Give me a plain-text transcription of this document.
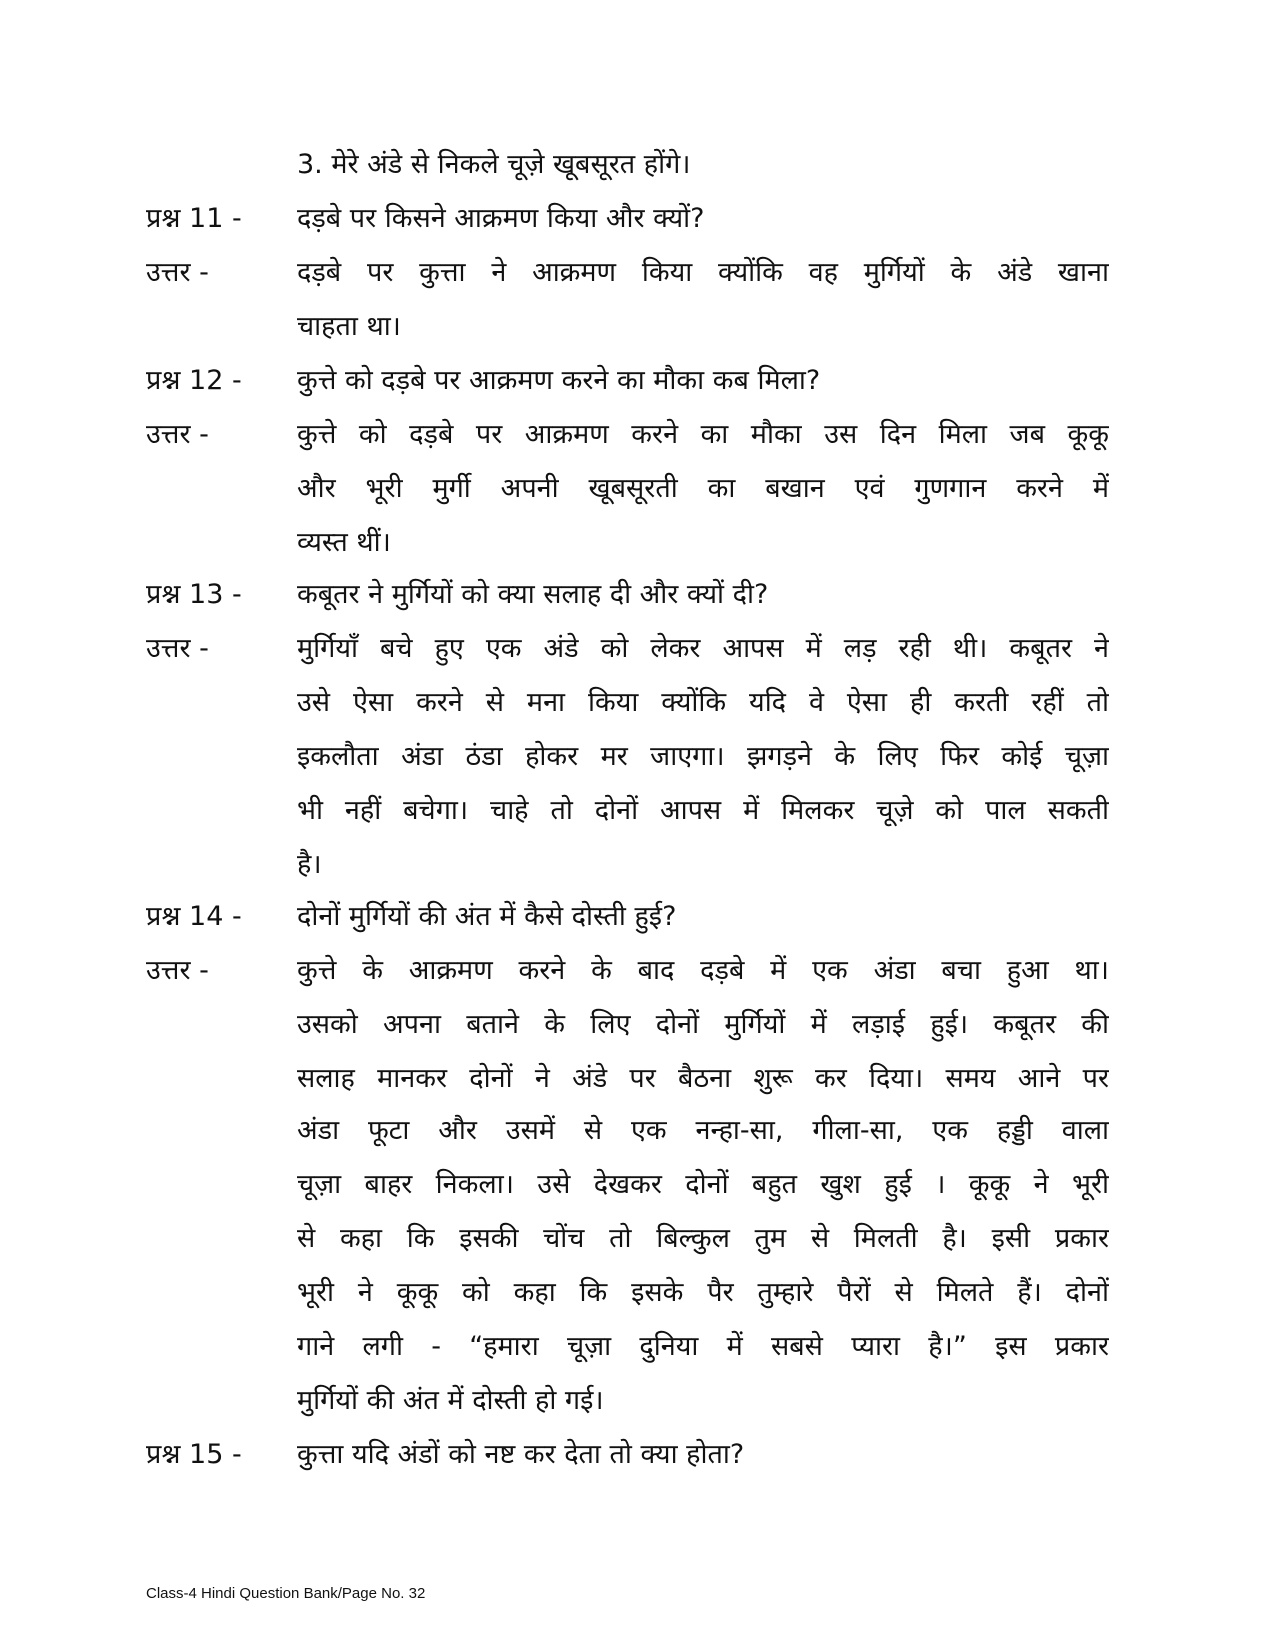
Class-4 Hindi Question Bank/Page No. 32
3. मेरे अंडे से निकले चूज़े खूबसूरत होंगे।
प्रश्न 11 - दड़बे पर किसने आक्रमण किया और क्यों?
उत्तर -	दड़बे पर कुत्ता ने आक्रमण किया क्योंकि वह मुर्गियों के अंडे खाना
चाहता था।
प्रश्न 12 - कुत्ते को दड़बे पर आक्रमण करने का मौका कब मिला?
उत्तर -	कुत्ते को दड़बे पर आक्रमण करने का मौका उस दिन मिला जब कूकू
और भूरी मुर्गी अपनी खूबसूरती का बखान एवं गुणगान करने में
व्यस्त थीं।
प्रश्न 13 - कबूतर ने मुर्गियों को क्या सलाह दी और क्यों दी?
उत्तर -	मुर्गियाँ बचे हुए एक अंडे को लेकर आपस में लड़ रही थी। कबूतर ने
उसे ऐसा करने से मना किया क्योंकि यदि वे ऐसा ही करती रहीं तो
इकलौता अंडा ठंडा होकर मर जाएगा। झगड़ने के लिए फिर कोई चूज़ा
भी नहीं बचेगा। चाहे तो दोनों आपस में मिलकर चूज़े को पाल सकती
है।
प्रश्न 14 - दोनों मुर्गियों की अंत में कैसे दोस्ती हुई?
उत्तर -	कुत्ते के आक्रमण करने के बाद दड़बे में एक अंडा बचा हुआ था।
उसको अपना बताने के लिए दोनों मुर्गियों में लड़ाई हुई। कबूतर की
सलाह मानकर दोनों ने अंडे पर बैठना शुरू कर दिया। समय आने पर
अंडा फूटा और उसमें से एक नन्हा-सा, गीला-सा, एक हड्डी वाला
चूज़ा बाहर निकला। उसे देखकर दोनों बहुत खुश हुई । कूकू ने भूरी
से कहा कि इसकी चोंच तो बिल्कुल तुम से मिलती है। इसी प्रकार
भूरी ने कूकू को कहा कि इसके पैर तुम्हारे पैरों से मिलते हैं। दोनों
गाने लगी - “हमारा चूज़ा दुनिया में सबसे प्यारा है।” इस प्रकार
मुर्गियों की अंत में दोस्ती हो गई।
प्रश्न 15 - कुत्ता यदि अंडों को नष्ट कर देता तो क्या होता?
